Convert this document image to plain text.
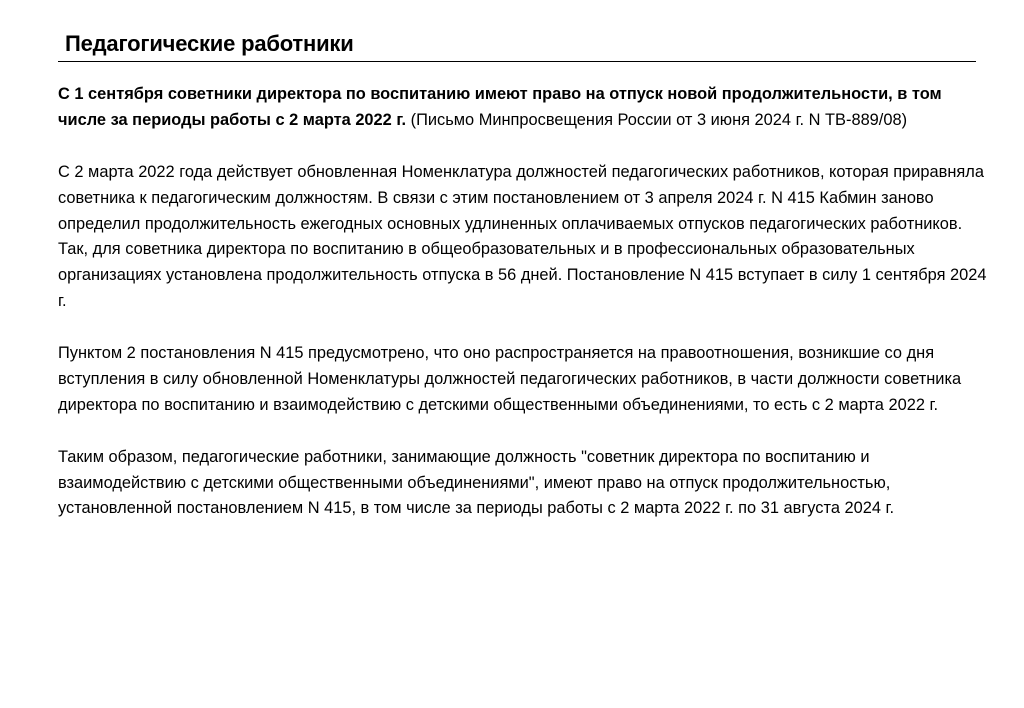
Педагогические работники

С 1 сентября советники директора по воспитанию имеют право на отпуск новой продолжительности, в том числе за периоды работы с 2 марта 2022 г. (Письмо Минпросвещения России от 3 июня 2024 г. N ТВ-889/08)

С 2 марта 2022 года действует обновленная Номенклатура должностей педагогических работников, которая приравняла советника к педагогическим должностям. В связи с этим постановлением от 3 апреля 2024 г. N 415 Кабмин заново определил продолжительность ежегодных основных удлиненных оплачиваемых отпусков педагогических работников. Так, для советника директора по воспитанию в общеобразовательных и в профессиональных образовательных организациях установлена продолжительность отпуска в 56 дней. Постановление N 415 вступает в силу 1 сентября 2024 г.

Пунктом 2 постановления N 415 предусмотрено, что оно распространяется на правоотношения, возникшие со дня вступления в силу обновленной Номенклатуры должностей педагогических работников, в части должности советника директора по воспитанию и взаимодействию с детскими общественными объединениями, то есть с 2 марта 2022 г.

Таким образом, педагогические работники, занимающие должность "советник директора по воспитанию и взаимодействию с детскими общественными объединениями", имеют право на отпуск продолжительностью, установленной постановлением N 415, в том числе за периоды работы с 2 марта 2022 г. по 31 августа 2024 г.
